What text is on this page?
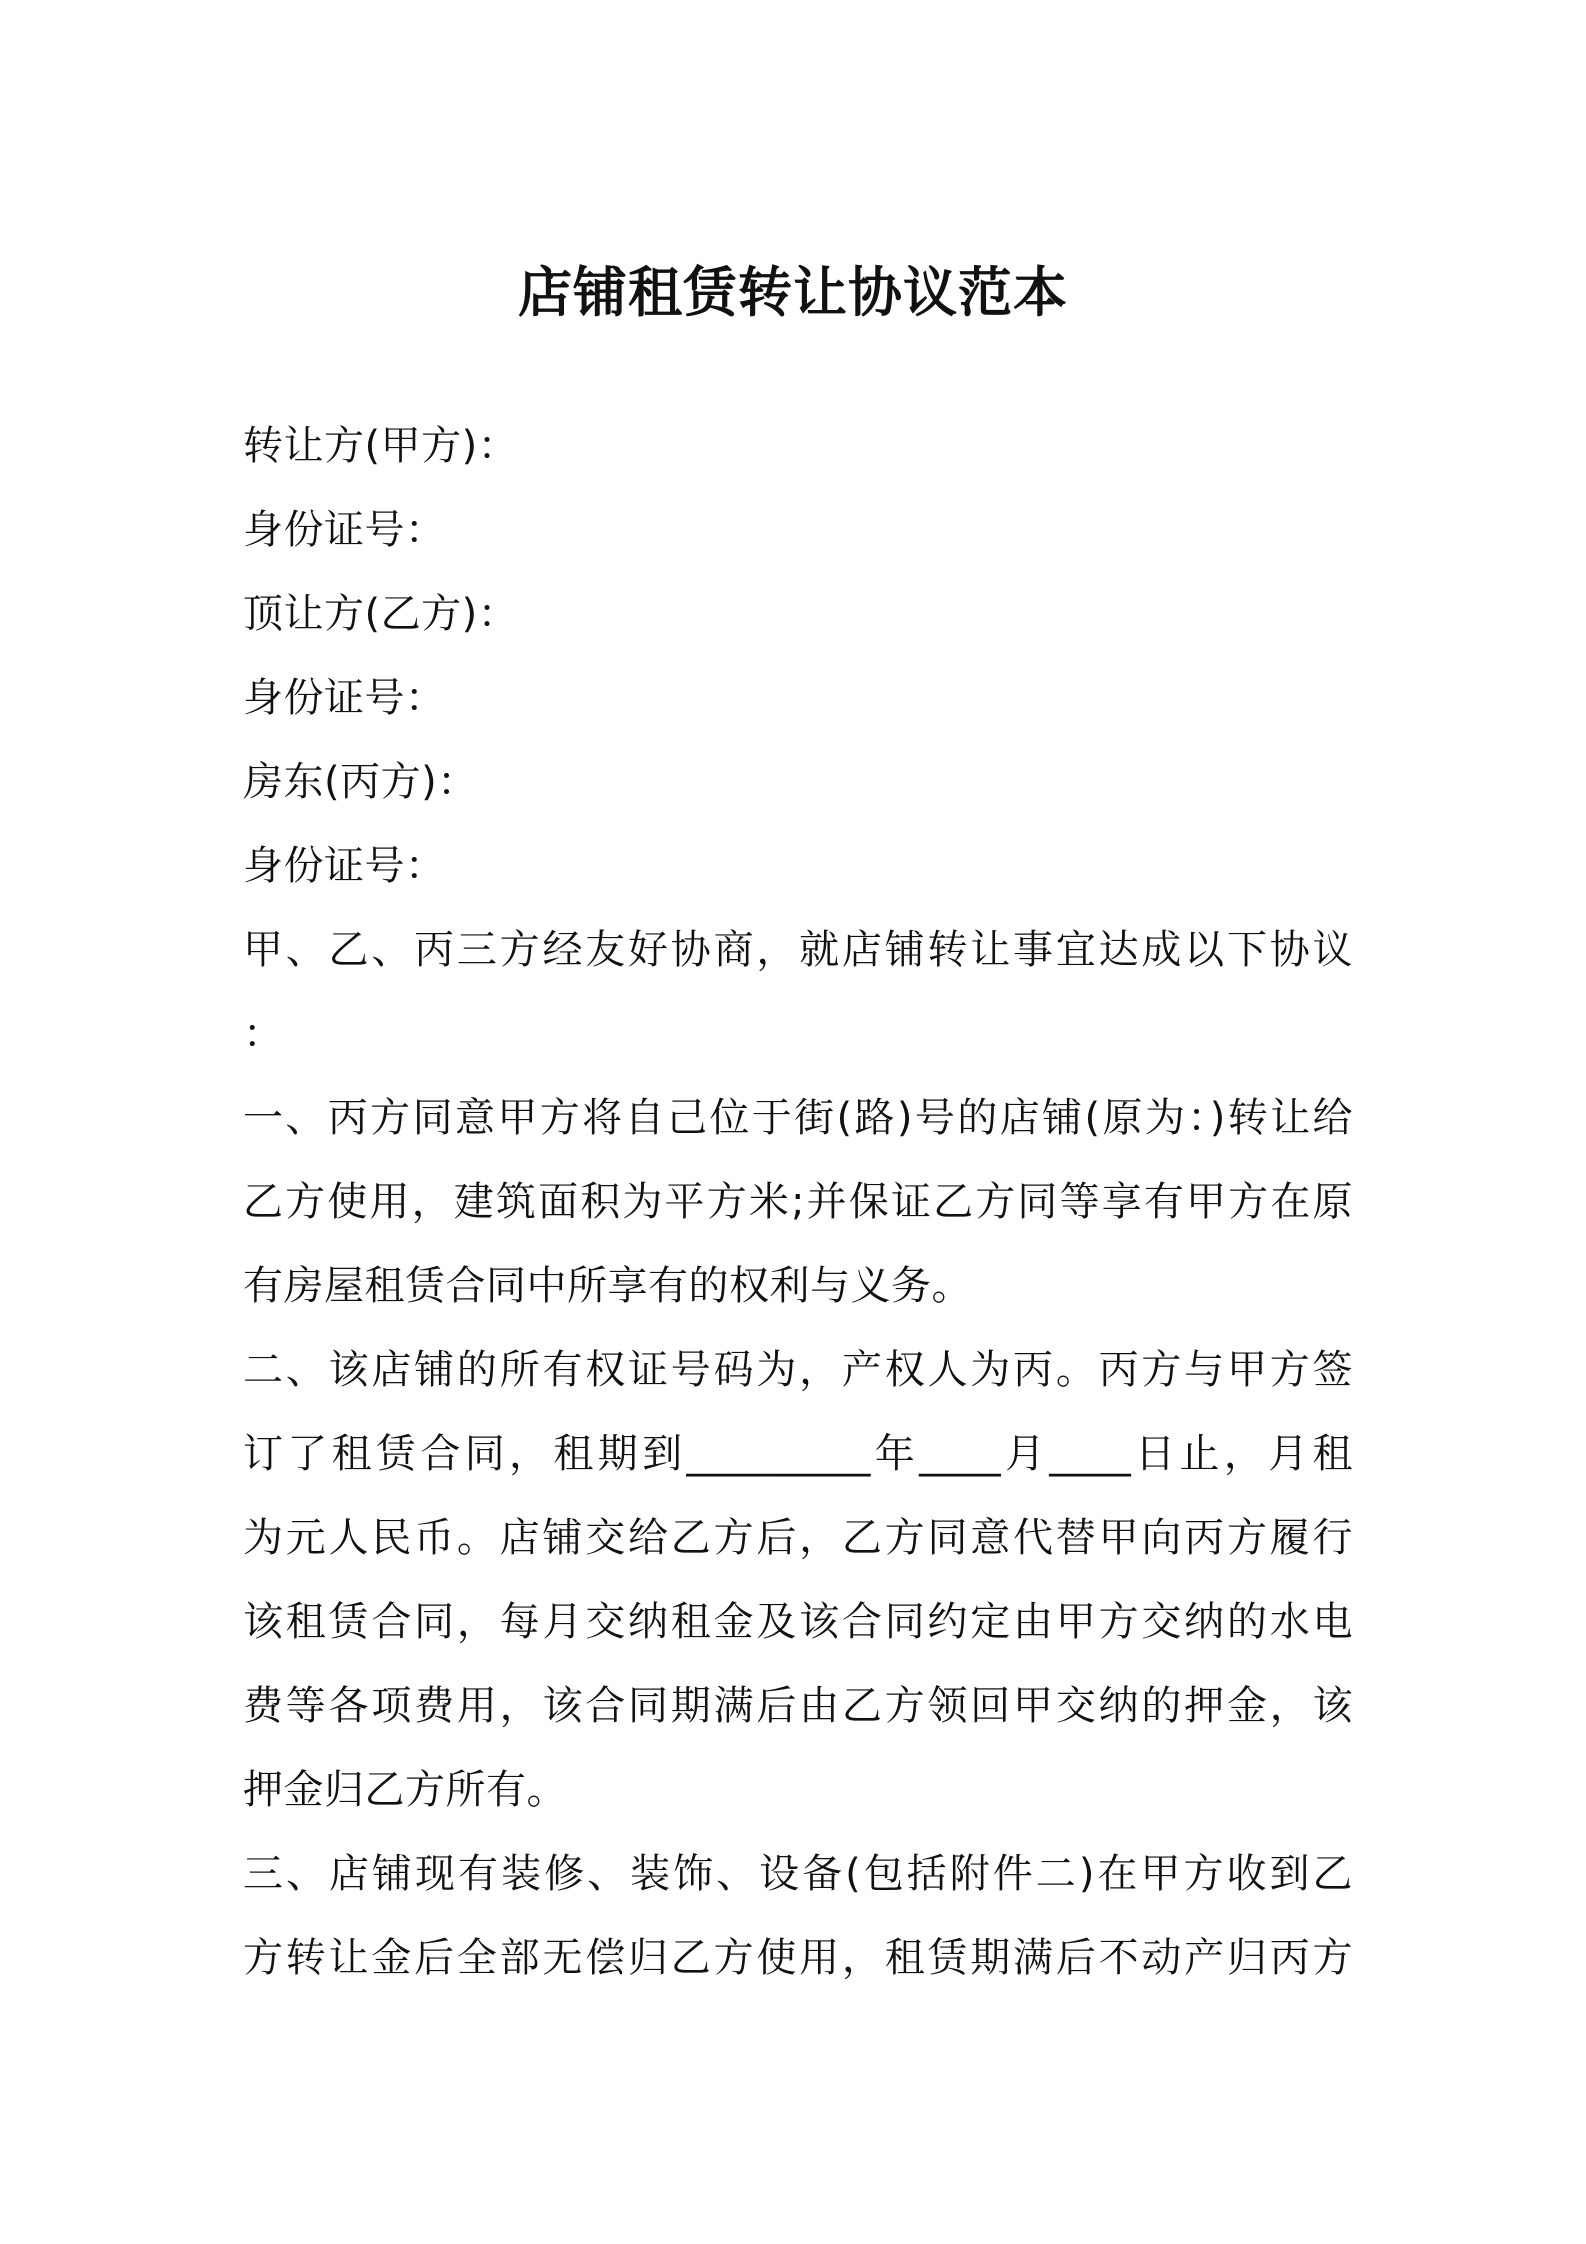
店铺租赁转让协议范本
转让方(甲方)：
身份证号：
顶让方(乙方)：
身份证号：
房东(丙方)：
身份证号：
甲、乙、丙三方经友好协商，就店铺转让事宜达成以下协议
：
一、丙方同意甲方将自己位于街(路)号的店铺(原为：)转让给
乙方使用，建筑面积为平方米;并保证乙方同等享有甲方在原
有房屋租赁合同中所享有的权利与义务。
二、该店铺的所有权证号码为，产权人为丙。丙方与甲方签
订了租赁合同，租期到_________年____月____日止，月租
为元人民币。店铺交给乙方后，乙方同意代替甲向丙方履行
该租赁合同，每月交纳租金及该合同约定由甲方交纳的水电
费等各项费用，该合同期满后由乙方领回甲交纳的押金，该
押金归乙方所有。
三、店铺现有装修、装饰、设备(包括附件二)在甲方收到乙
方转让金后全部无偿归乙方使用，租赁期满后不动产归丙方
